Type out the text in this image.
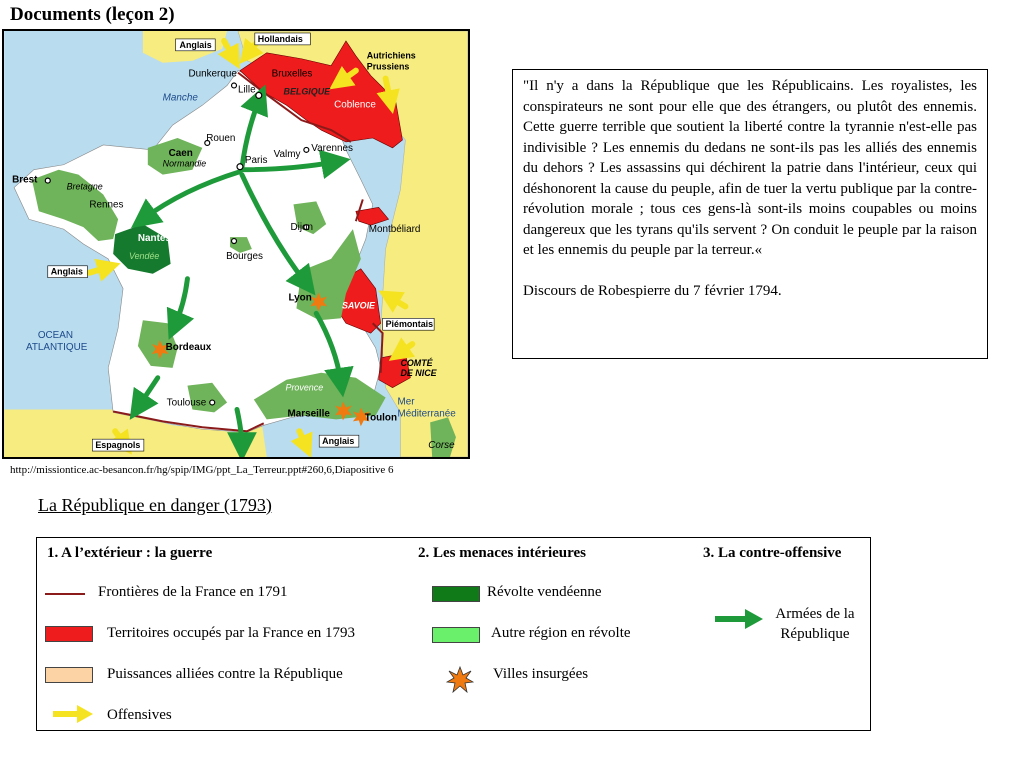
Documents (leçon 2)
Anglais
Hollandais
Autrichiens Prussiens
Dunkerque	Bruxelles
BELGIQUE
Coblence
Lille
Manche
Rouen
Caen
Normandie	Paris
Valmy
Varennes
Brest
Bretagne
Rennes
Dijon	Montbéliard
Nantes
Vendée
Anglais
Bourges
Lyon
SAVOIE
Piémontais
OCEAN ATLANTIQUE	Bordeaux
COMTÉ DE NICE
Provence
Toulouse
Marseille	Toulon
Mer Méditerranée
Espagnols	Anglais	Corse
http://missiontice.ac-besancon.fr/hg/spip/IMG/ppt_La_Terreur.ppt#260,6,Diapositive 6

"Il n'y a dans la République que les Républicains. Les royalistes, les conspirateurs ne sont pour elle que des étrangers, ou plutôt des ennemis. Cette guerre terrible que soutient la liberté contre la tyrannie n'est-elle pas indivisible ? Les ennemis du dedans ne sont-ils pas les alliés des ennemis du dehors ? Les assassins qui déchirent la patrie dans l'intérieur, ceux qui déshonorent la cause du peuple, afin de tuer la vertu publique par la contre-révolution morale ; tous ces gens-là sont-ils moins coupables ou moins dangereux que les tyrans qu'ils servent ? On conduit le peuple par la raison et les ennemis du peuple par la terreur.«

Discours de Robespierre du 7 février 1794.

La République en danger (1793)
1. A l’extérieur : la guerre	2. Les menaces intérieures	3. La contre-offensive
Frontières de la France en 1791
Territoires occupés par la France en 1793
Puissances alliées contre la République
Offensives
Révolte vendéenne
Autre région en révolte
Villes insurgées
Armées de la
République
